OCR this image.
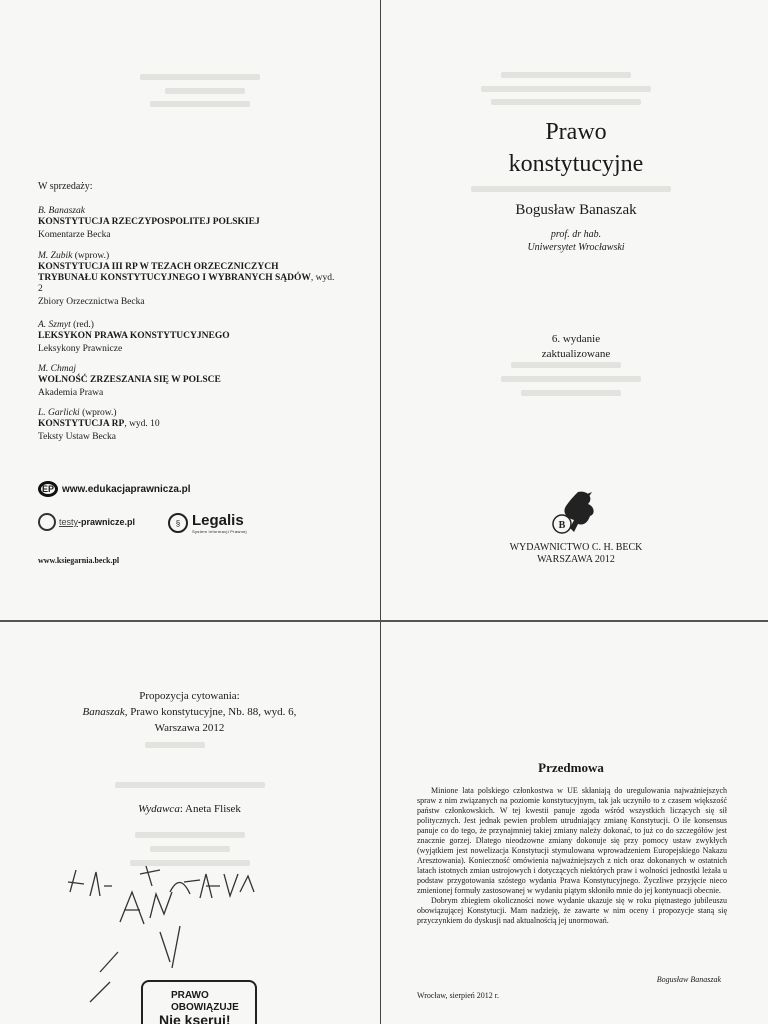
W sprzedaży:
B. Banaszak
KONSTYTUCJA RZECZYPOSPOLITEJ POLSKIEJ
Komentarze Becka
M. Zubik (wprow.)
KONSTYTUCJA III RP W TEZACH ORZECZNICZYCH TRYBUNAŁU KONSTYTUCYJNEGO I WYBRANYCH SĄDÓW, wyd. 2
Zbiory Orzecznictwa Becka
A. Szmyt (red.)
LEKSYKON PRAWA KONSTYTUCYJNEGO
Leksykony Prawnicze
M. Chmaj
WOLNOŚĆ ZRZESZANIA SIĘ W POLSCE
Akademia Prawa
L. Garlicki (wprow.)
KONSTYTUCJA RP, wyd. 10
Teksty Ustaw Becka
EP www.edukacjaprawnicza.pl
testy-prawnicze.pl	§ Legalis
System Informacji Prawnej
www.ksiegarnia.beck.pl
Prawo
konstytucyjne
Bogusław Banaszak
prof. dr hab.
Uniwersytet Wrocławski
6. wydanie
zaktualizowane
B
WYDAWNICTWO C. H. BECK
WARSZAWA 2012
Propozycja cytowania:
Banaszak, Prawo konstytucyjne, Nb. 88, wyd. 6,
Warszawa 2012
Wydawca: Aneta Flisek
PRAWO
OBOWIĄZUJE
Nie kserui!
Przedmowa

Minione lata polskiego członkostwa w UE skłaniają do uregulowania najważniejszych spraw z nim związanych na poziomie konstytucyjnym, tak jak uczyniło to z czasem większość państw członkowskich. W tej kwestii panuje zgoda wśród wszystkich liczących się sił politycznych. Jest jednak pewien problem utrudniający zmianę Konstytucji. O ile konsensus panuje co do tego, że przynajmniej takiej zmiany należy dokonać, to już co do szczegółów jest znacznie gorzej. Dlatego nieodzowne zmiany dokonuje się przy pomocy ustaw zwykłych (wyjątkiem jest nowelizacja Konstytucji stymulowana wprowadzeniem Europejskiego Nakazu Aresztowania). Konieczność omówienia najważniejszych z nich oraz dokonanych w ostatnich latach istotnych zmian ustrojowych i dotyczących niektórych praw i wolności jednostki leżała u podstaw przygotowania szóstego wydania Prawa Konstytucyjnego. Życzliwe przyjęcie nieco zmienionej formuły zastosowanej w wydaniu piątym skłoniło mnie do jej kontynuacji obecnie.

Dobrym zbiegiem okoliczności nowe wydanie ukazuje się w roku piętnastego jubileuszu obowiązującej Konstytucji. Mam nadzieję, że zawarte w nim oceny i propozycje staną się przyczynkiem do dyskusji nad aktualnością jej unormowań.

Bogusław Banaszak
Wrocław, sierpień 2012 r.
